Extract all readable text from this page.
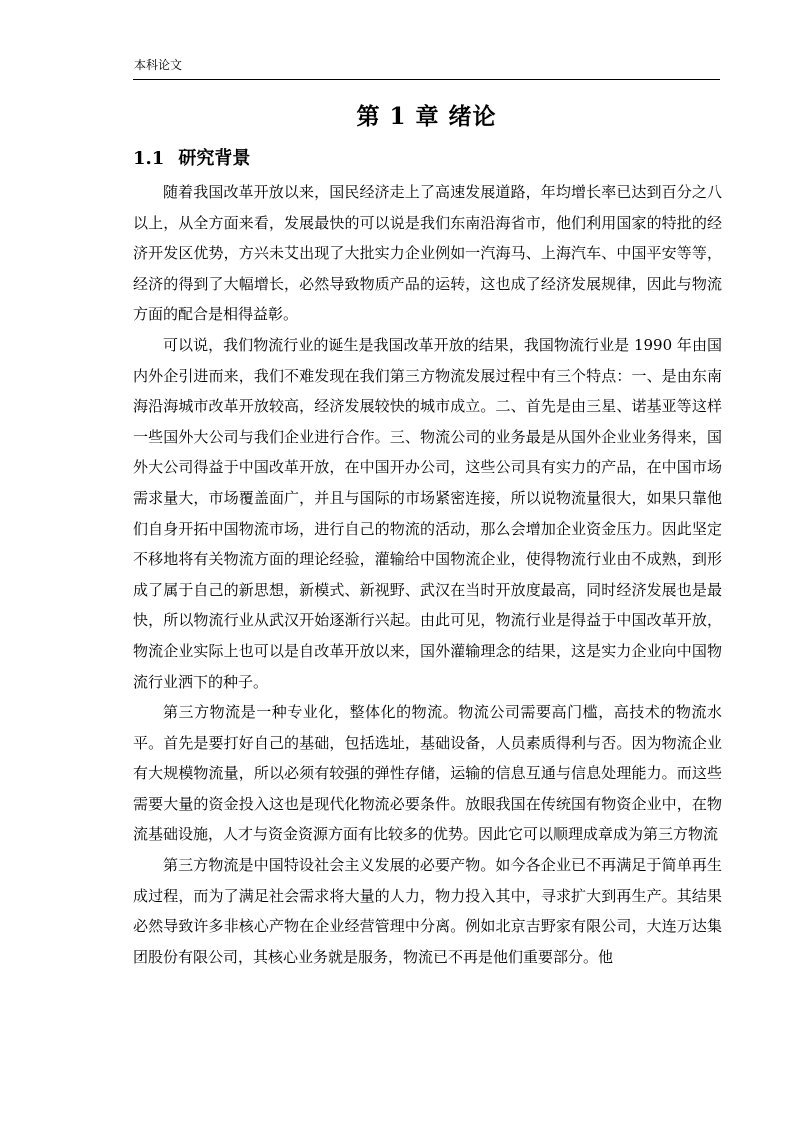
本科论文
第 1 章 绪论
1.1 研究背景

随着我国改革开放以来，国民经济走上了高速发展道路，年均增长率已达到百分之八以上，从全方面来看，发展最快的可以说是我们东南沿海省市，他们利用国家的特批的经济开发区优势，方兴未艾出现了大批实力企业例如一汽海马、上海汽车、中国平安等等，经济的得到了大幅增长，必然导致物质产品的运转，这也成了经济发展规律，因此与物流方面的配合是相得益彰。

可以说，我们物流行业的诞生是我国改革开放的结果，我国物流行业是 1990 年由国内外企引进而来，我们不难发现在我们第三方物流发展过程中有三个特点：一、是由东南海沿海城市改革开放较高，经济发展较快的城市成立。二、首先是由三星、诺基亚等这样一些国外大公司与我们企业进行合作。三、物流公司的业务最是从国外企业业务得来，国外大公司得益于中国改革开放，在中国开办公司，这些公司具有实力的产品，在中国市场需求量大，市场覆盖面广，并且与国际的市场紧密连接，所以说物流量很大，如果只靠他们自身开拓中国物流市场，进行自己的物流的活动，那么会增加企业资金压力。因此坚定不移地将有关物流方面的理论经验，灌输给中国物流企业，使得物流行业由不成熟，到形成了属于自己的新思想，新模式、新视野、武汉在当时开放度最高，同时经济发展也是最快，所以物流行业从武汉开始逐渐行兴起。由此可见，物流行业是得益于中国改革开放，物流企业实际上也可以是自改革开放以来，国外灌输理念的结果，这是实力企业向中国物流行业洒下的种子。

第三方物流是一种专业化，整体化的物流。物流公司需要高门槛，高技术的物流水平。首先是要打好自己的基础，包括选址，基础设备，人员素质得利与否。因为物流企业有大规模物流量，所以必须有较强的弹性存储，运输的信息互通与信息处理能力。而这些需要大量的资金投入这也是现代化物流必要条件。放眼我国在传统国有物资企业中，在物流基础设施，人才与资金资源方面有比较多的优势。因此它可以顺理成章成为第三方物流

第三方物流是中国特设社会主义发展的必要产物。如今各企业已不再满足于简单再生成过程，而为了满足社会需求将大量的人力，物力投入其中，寻求扩大到再生产。其结果必然导致许多非核心产物在企业经营管理中分离。例如北京吉野家有限公司，大连万达集团股份有限公司，其核心业务就是服务，物流已不再是他们重要部分。他
